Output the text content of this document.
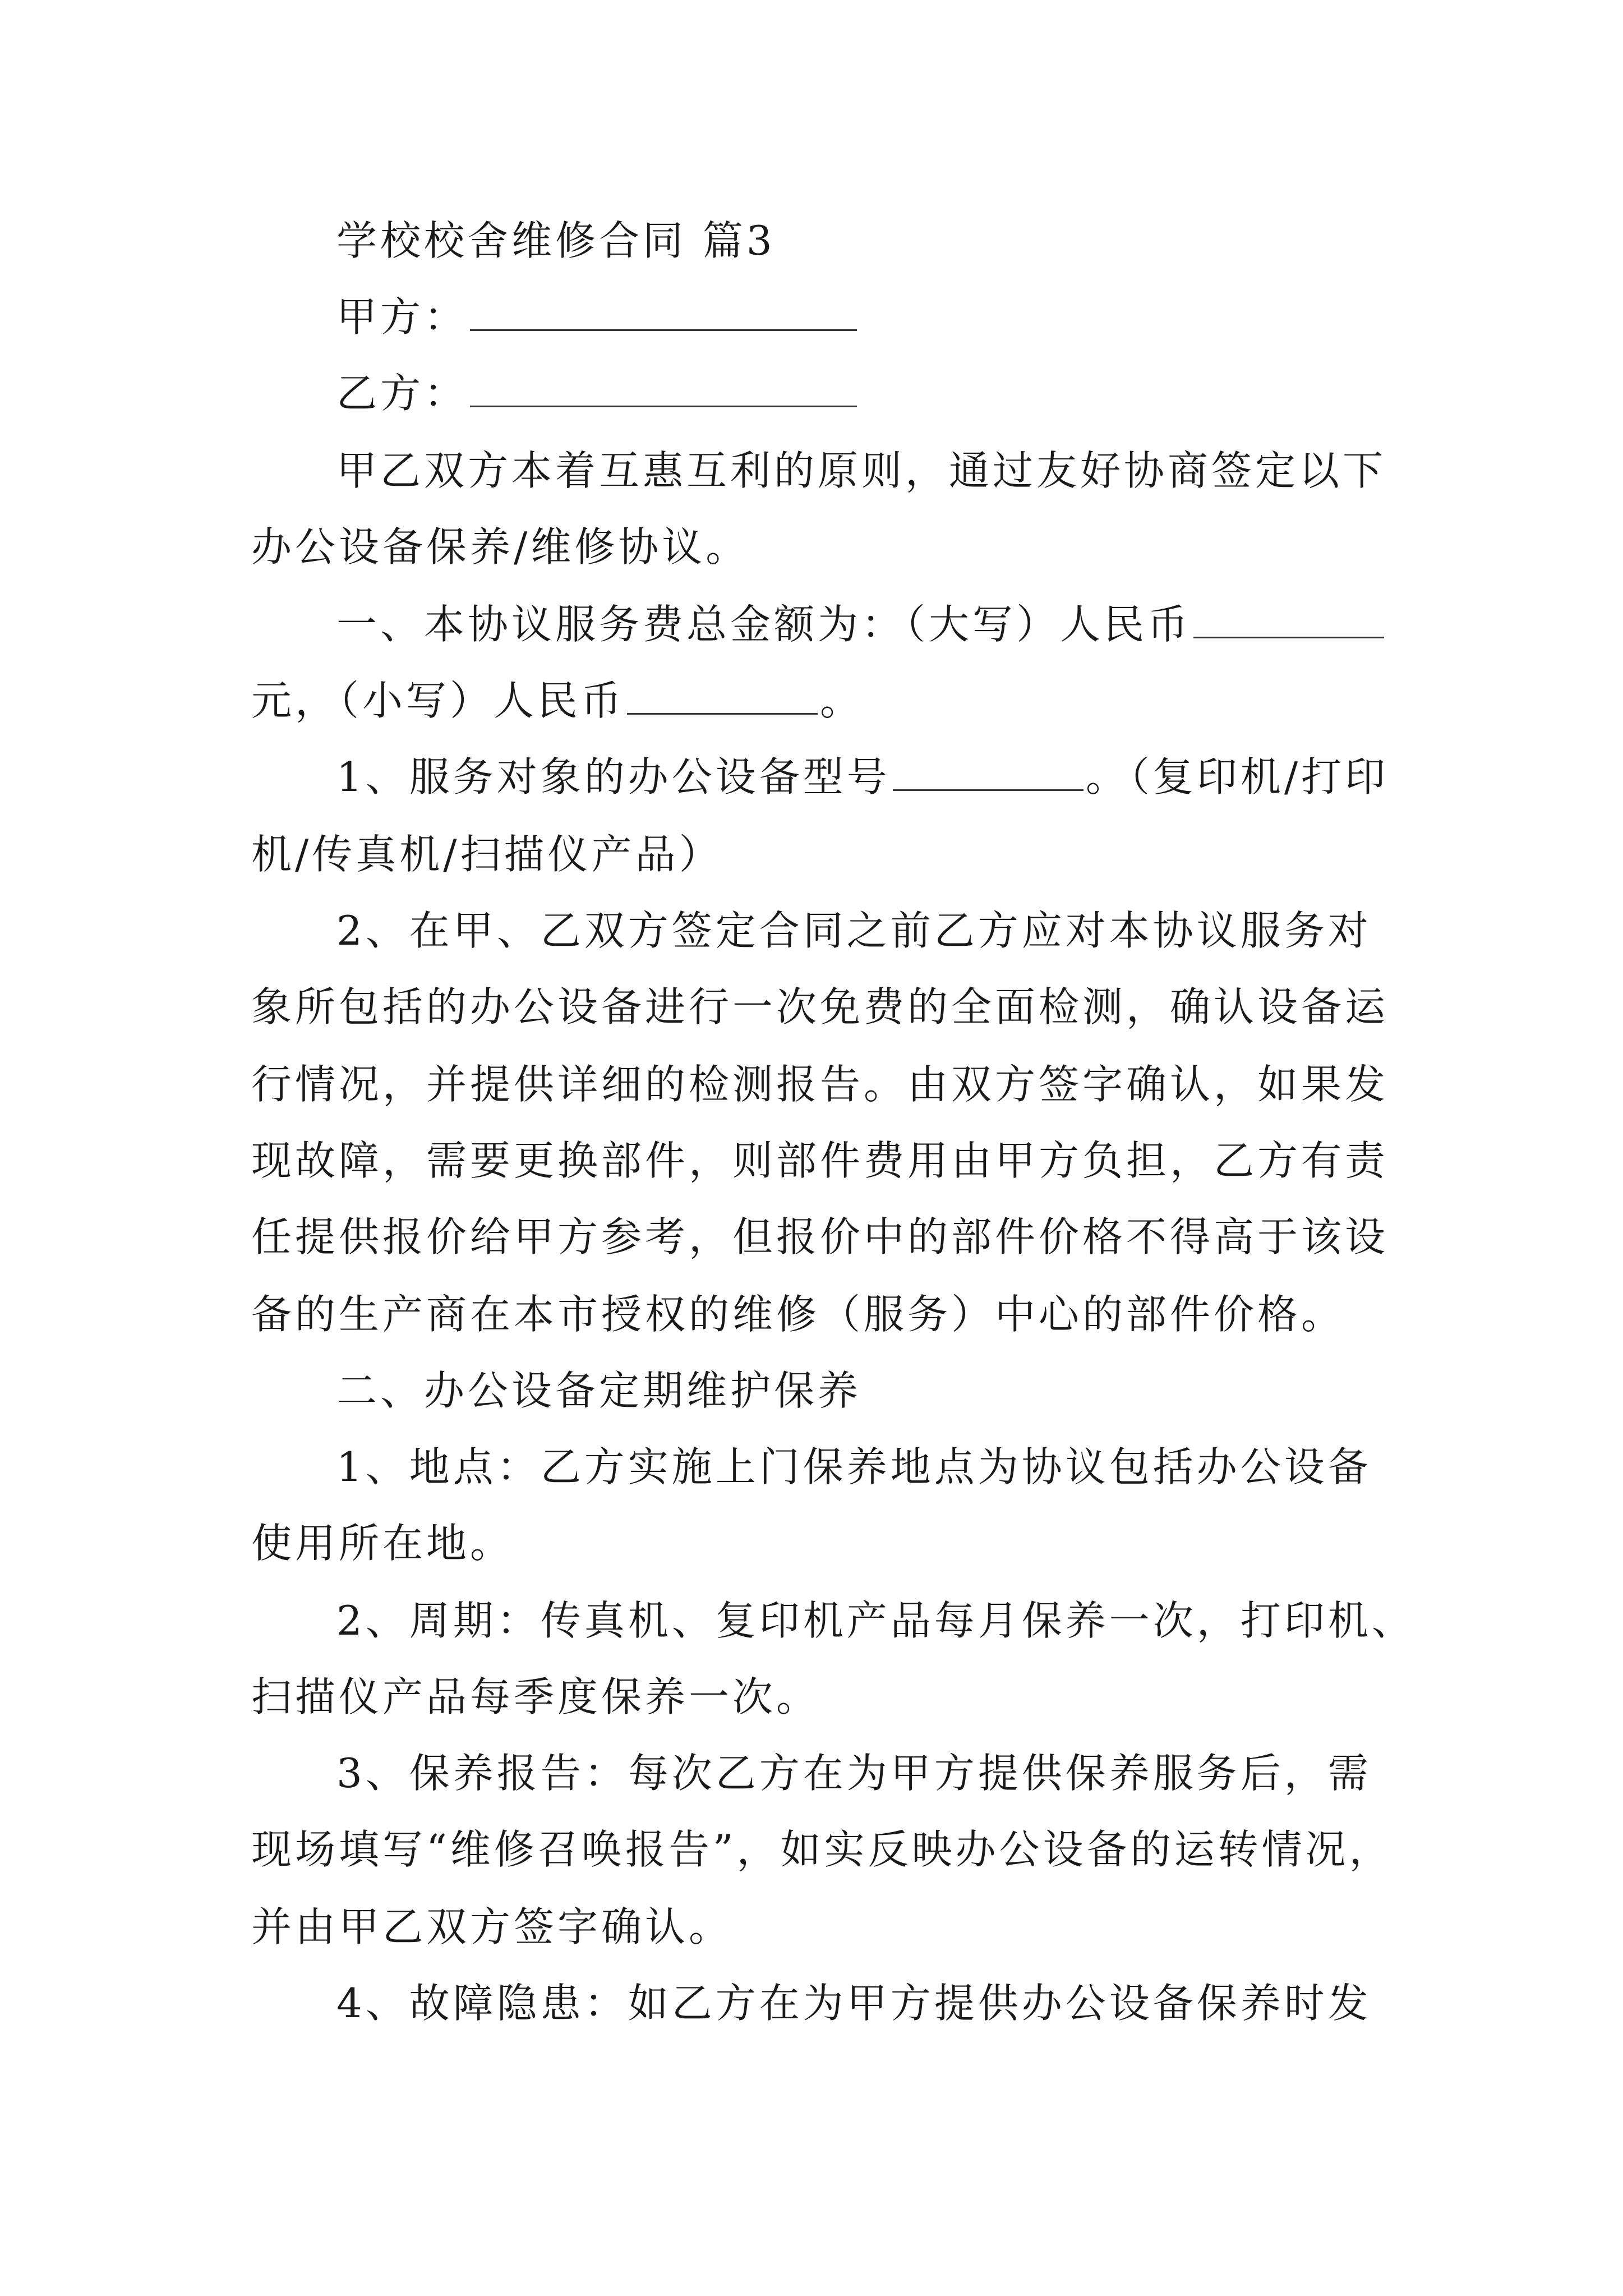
学校校舍维修合同 篇3
甲方：
乙方：
甲乙双方本着互惠互利的原则，通过友好协商签定以下
办公设备保养/维修协议。
一、本协议服务费总金额为：（大写）人民币
元，（小写）人民币	。
1、服务对象的办公设备型号	。（复印机/打印
机/传真机/扫描仪产品）
2、在甲、乙双方签定合同之前乙方应对本协议服务对
象所包括的办公设备进行一次免费的全面检测，确认设备运
行情况，并提供详细的检测报告。由双方签字确认，如果发
现故障，需要更换部件，则部件费用由甲方负担，乙方有责
任提供报价给甲方参考，但报价中的部件价格不得高于该设
备的生产商在本市授权的维修（服务）中心的部件价格。
二、办公设备定期维护保养
1、地点：乙方实施上门保养地点为协议包括办公设备
使用所在地。
2、周期：传真机、复印机产品每月保养一次，打印机、
扫描仪产品每季度保养一次。
3、保养报告：每次乙方在为甲方提供保养服务后，需
现场填写“维修召唤报告”，如实反映办公设备的运转情况，
并由甲乙双方签字确认。
4、故障隐患：如乙方在为甲方提供办公设备保养时发
